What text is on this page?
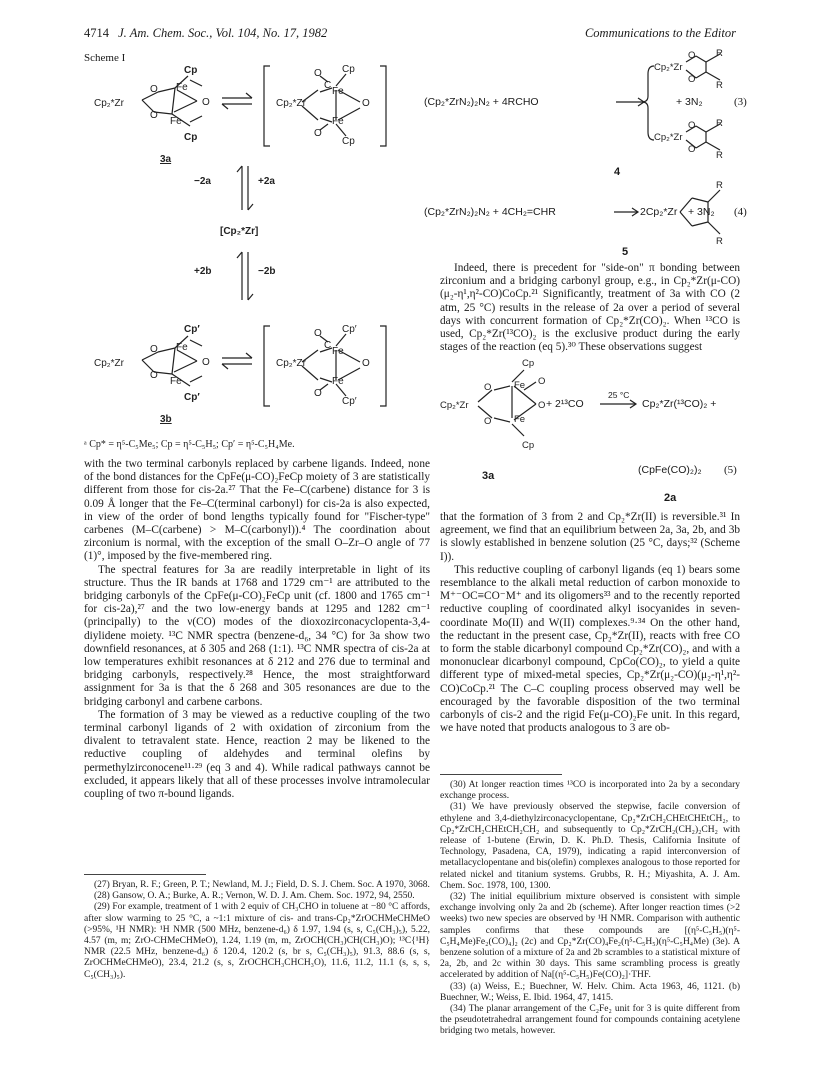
4714 J. Am. Chem. Soc., Vol. 104, No. 17, 1982	Communications to the Editor
Scheme I
Cp
Cp₂*Zr
O
O
Fe
Fe
O
Cp
3a
Cp₂*Zr
O
C
Cp
Fe
Fe
O
O
Cp
−2a	+2a
[Cp₂*Zr]
+2b	−2b
Cp′
Cp₂*Zr
O
O
Fe
Fe
O
Cp′
3b
Cp₂*Zr
O
C
Cp′
Fe
Fe
O
O
Cp′
ᵃ Cp* = η⁵-C₅Me₅; Cp = η⁵-C₅H₅; Cp′ = η⁵-C₅H₄Me.

with the two terminal carbonyls replaced by carbene ligands. Indeed, none of the bond distances for the CpFe(μ-CO)₂FeCp moiety of 3 are statistically different from those for cis-2a.²⁷ That the Fe–C(carbene) distance for 3 is 0.09 Å longer that the Fe–C(terminal carbonyl) for cis-2a is also expected, in view of the order of bond lengths typically found for "Fischer-type" carbenes (M–C(carbene) > M–C(carbonyl)).⁴ The coordination about zirconium is normal, with the exception of the small O–Zr–O angle of 77 (1)°, imposed by the five-membered ring.

The spectral features for 3a are readily interpretable in light of its structure. Thus the IR bands at 1768 and 1729 cm⁻¹ are attributed to the bridging carbonyls of the CpFe(μ-CO)₂FeCp unit (cf. 1800 and 1765 cm⁻¹ for cis-2a),²⁷ and the two low-energy bands at 1295 and 1282 cm⁻¹ (principally) to the ν(CO) modes of the dioxozirconacyclopenta-3,4-diylidene moiety. ¹³C NMR spectra (benzene-d₆, 34 °C) for 3a show two downfield resonances, at δ 305 and 268 (1:1). ¹³C NMR spectra of cis-2a at low temperatures exhibit resonances at δ 212 and 276 due to terminal and bridging carbonyls, respectively.²⁸ Hence, the most straightforward assignment for 3a is that the δ 268 and 305 resonances are due to the bridging carbonyl and carbene carbons.

The formation of 3 may be viewed as a reductive coupling of the two terminal carbonyl ligands of 2 with oxidation of zirconium from the divalent to tetravalent state. Hence, reaction 2 may be likened to the reductive coupling of aldehydes and terminal olefins by permethylzirconocene¹¹·²⁹ (eq 3 and 4). While radical pathways cannot be excluded, it appears likely that all of these processes involve intramolecular coupling of two π-bound ligands.

(27) Bryan, R. F.; Green, P. T.; Newland, M. J.; Field, D. S. J. Chem. Soc. A 1970, 3068.

(28) Gansow, O. A.; Burke, A. R.; Vernon, W. D. J. Am. Chem. Soc. 1972, 94, 2550.

(29) For example, treatment of 1 with 2 equiv of CH₃CHO in toluene at −80 °C affords, after slow warming to 25 °C, a ~1:1 mixture of cis- and trans-Cp₂*ZrOCHMeCHMeO (>95%, ¹H NMR): ¹H NMR (500 MHz, benzene-d₆) δ 1.97, 1.94 (s, s, C₅(CH₃)₅), 5.22, 4.57 (m, m; ZrO-CHMeCHMeO), 1.24, 1.19 (m, m, ZrOCH(CH₃)CH(CH₃)O); ¹³C{¹H} NMR (22.5 MHz, benzene-d₆) δ 120.4, 120.2 (s, br s, C₅(CH₃)₅), 91.3, 88.6 (s, s, ZrOCHMeCHMeO), 23.4, 21.2 (s, s, ZrOCHCH₃CHCH₃O), 11.6, 11.2, 11.1 (s, s, s, C₅(CH₃)₅).

R
R
Cp₂*Zr
O
O
R
R
Cp₂*Zr
O
O
R
R
(Cp₂*ZrN₂)₂N₂ + 4RCHO	+ 3N₂	(3)
4
(Cp₂*ZrN₂)₂N₂ + 4CH₂=CHR	2Cp₂*Zr + 3N₂ (4)
5

Indeed, there is precedent for "side-on" π bonding between zirconium and a bridging carbonyl group, e.g., in Cp₂*Zr(μ-CO)(μ₂-η¹,η²-CO)CoCp.²¹ Significantly, treatment of 3a with CO (2 atm, 25 °C) results in the release of 2a over a period of several days with concurrent formation of Cp₂*Zr(CO)₂. When ¹³CO is used, Cp₂*Zr(¹³CO)₂ is the exclusive product during the early stages of the reaction (eq 5).³⁰ These observations suggest

Cp
Cp₂*Zr
O
O
Fe
Fe
O
O
Cp
25 °C
+ 2¹³CO	Cp₂*Zr(¹³CO)₂ +
3a	(CpFe(CO)₂)₂ (5)
2a

that the formation of 3 from 2 and Cp₂*Zr(II) is reversible.³¹ In agreement, we find that an equilibrium between 2a, 3a, 2b, and 3b is slowly established in benzene solution (25 °C, days;³² (Scheme I)).

This reductive coupling of carbonyl ligands (eq 1) bears some resemblance to the alkali metal reduction of carbon monoxide to M⁺⁻OC≡CO⁻M⁺ and its oligomers³³ and to the recently reported reductive coupling of coordinated alkyl isocyanides in seven-coordinate Mo(II) and W(II) complexes.⁹·³⁴ On the other hand, the reductant in the present case, Cp₂*Zr(II), reacts with free CO to form the stable dicarbonyl compound Cp₂*Zr(CO)₂, and with a mononuclear dicarbonyl compound, CpCo(CO)₂, to yield a quite different type of mixed-metal species, Cp₂*Zr(μ₂-CO)(μ₂-η¹,η²-CO)CoCp.²¹ The C–C coupling process observed may well be encouraged by the favorable disposition of the two terminal carbonyls of cis-2 and the rigid Fe(μ-CO)₂Fe unit. In this regard, we have noted that products analogous to 3 are ob-

(30) At longer reaction times ¹³CO is incorporated into 2a by a secondary exchange process.

(31) We have previously observed the stepwise, facile conversion of ethylene and 3,4-diethylzirconacyclopentane, Cp₂*ZrCH₂CHEtCHEtCH₂, to Cp₂*ZrCH₂CHEtCH₂CH₂ and subsequently to Cp₂*ZrCH₂(CH₂)₂CH₂ with release of 1-butene (Erwin, D. K. Ph.D. Thesis, California Insitute of Technology, Pasadena, CA, 1979), indicating a rapid interconversion of metallacyclopentane and bis(olefin) complexes analogous to those reported for related nickel and titanium systems. Grubbs, R. H.; Miyashita, A. J. Am. Chem. Soc. 1978, 100, 1300.

(32) The initial equilibrium mixture observed is consistent with simple exchange involving only 2a and 2b (scheme). After longer reaction times (>2 weeks) two new species are observed by ¹H NMR. Comparison with authentic samples confirms that these compounds are [(η⁵-C₅H₅)(η⁵-C₅H₄Me)Fe₂(CO)₄]₂ (2c) and Cp₂*Zr(CO)₄Fe₂(η⁵-C₅H₅)(η⁵-C₅H₄Me) (3e). A benzene solution of a mixture of 2a and 2b scrambles to a statistical mixture of 2a, 2b, and 2c within 30 days. This same scrambling process is greatly accelerated by addition of Na[(η⁵-C₅H₅)Fe(CO)₂]·THF.

(33) (a) Weiss, E.; Buechner, W. Helv. Chim. Acta 1963, 46, 1121. (b) Buechner, W.; Weiss, E. Ibid. 1964, 47, 1415.

(34) The planar arrangement of the C₂Fe₂ unit for 3 is quite different from the pseudotetrahedral arrangement found for compounds containing acetylene bridging two metals, however.
